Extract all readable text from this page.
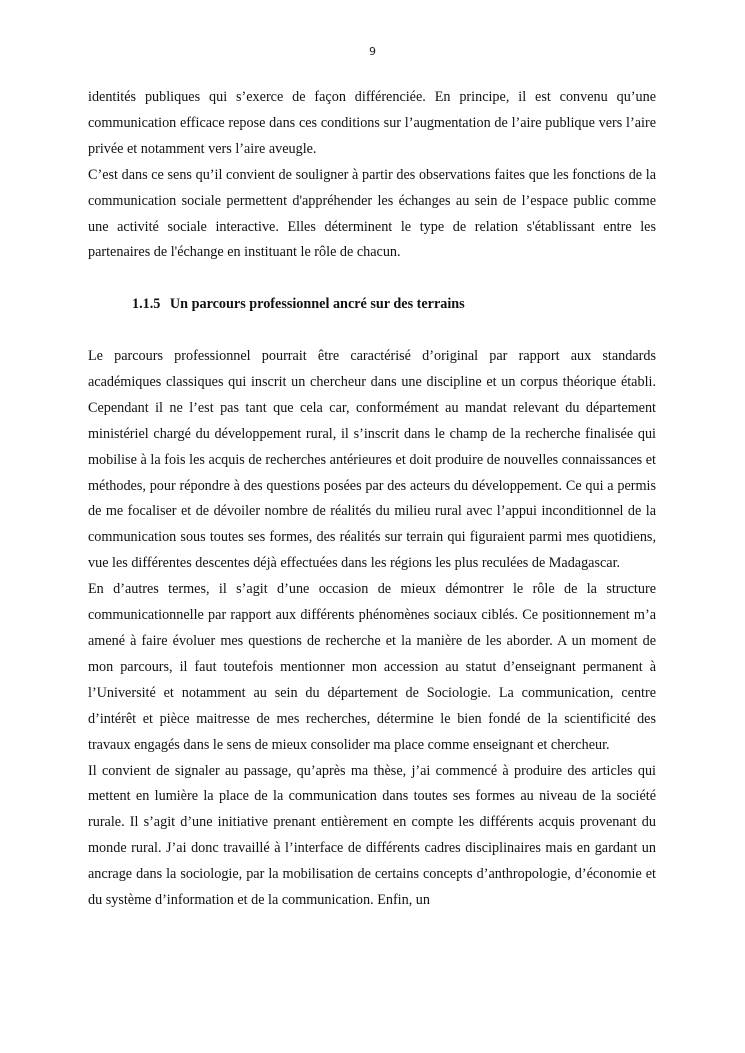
9

identités publiques qui s’exerce de façon différenciée. En principe, il est convenu qu’une communication efficace repose dans ces conditions sur l’augmentation de l’aire publique vers l’aire privée et notamment vers l’aire aveugle.

C’est dans ce sens qu’il convient de souligner à partir des observations faites que les fonctions de la communication sociale permettent d'appréhender les échanges au sein de l’espace public comme une activité sociale interactive. Elles déterminent le type de relation s'établissant entre les partenaires de l'échange en instituant le rôle de chacun.

1.1.5 Un parcours professionnel ancré sur des terrains

Le parcours professionnel pourrait être caractérisé d’original par rapport aux standards académiques classiques qui inscrit un chercheur dans une discipline et un corpus théorique établi. Cependant il ne l’est pas tant que cela car, conformément au mandat relevant du département ministériel chargé du développement rural, il s’inscrit dans le champ de la recherche finalisée qui mobilise à la fois les acquis de recherches antérieures et doit produire de nouvelles connaissances et méthodes, pour répondre à des questions posées par des acteurs du développement. Ce qui a permis de me focaliser et de dévoiler nombre de réalités du milieu rural avec l’appui inconditionnel de la communication sous toutes ses formes, des réalités sur terrain qui figuraient parmi mes quotidiens, vue les différentes descentes déjà effectuées dans les régions les plus reculées de Madagascar.

En d’autres termes, il s’agit d’une occasion de mieux démontrer le rôle de la structure communicationnelle par rapport aux différents phénomènes sociaux ciblés. Ce positionnement m’a amené à faire évoluer mes questions de recherche et la manière de les aborder. A un moment de mon parcours, il faut toutefois mentionner mon accession au statut d’enseignant permanent à l’Université et notamment au sein du département de Sociologie. La communication, centre d’intérêt et pièce maitresse de mes recherches, détermine le bien fondé de la scientificité des travaux engagés dans le sens de mieux consolider ma place comme enseignant et chercheur.

Il convient de signaler au passage, qu’après ma thèse, j’ai commencé à produire des articles qui mettent en lumière la place de la communication dans toutes ses formes au niveau de la société rurale. Il s’agit d’une initiative prenant entièrement en compte les différents acquis provenant du monde rural. J’ai donc travaillé à l’interface de différents cadres disciplinaires mais en gardant un ancrage dans la sociologie, par la mobilisation de certains concepts d’anthropologie, d’économie et du système d’information et de la communication. Enfin, un
